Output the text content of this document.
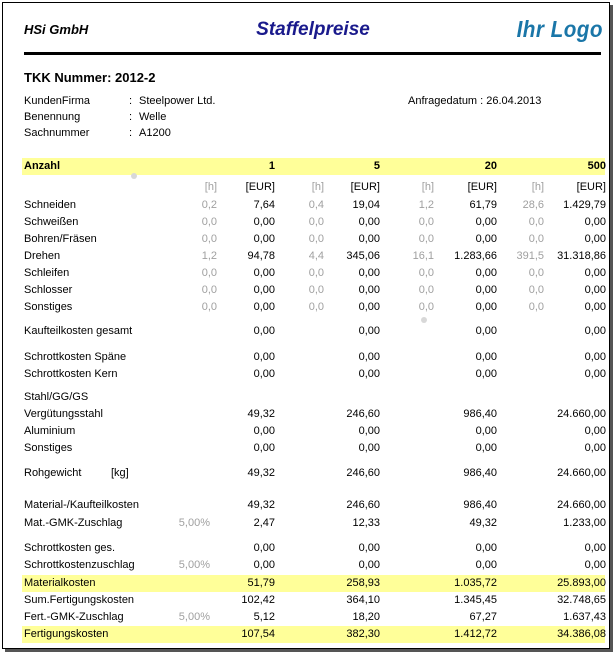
HSi GmbH	Staffelpreise	Ihr Logo
TKK Nummer: 2012-2
KundenFirma	: Steelpower Ltd.
Benennung	: Welle
Sachnummer	: A1200
Anfragedatum : 26.04.2013
Anzahl	1	5	20	500
[h]	[EUR]	[h]	[EUR]	[h]	[EUR]	[h]	[EUR]
Schneiden	0,2	7,64	0,4	19,04	1,2	61,79	28,6	1.429,79
Schweißen	0,0	0,00	0,0	0,00	0,0	0,00	0,0	0,00
Bohren/Fräsen	0,0	0,00	0,0	0,00	0,0	0,00	0,0	0,00
Drehen	1,2	94,78	4,4	345,06	16,1	1.283,66	391,5	31.318,86
Schleifen	0,0	0,00	0,0	0,00	0,0	0,00	0,0	0,00
Schlosser	0,0	0,00	0,0	0,00	0,0	0,00	0,0	0,00
Sonstiges	0,0	0,00	0,0	0,00	0,0	0,00	0,0	0,00
Kaufteilkosten gesamt	0,00	0,00	0,00	0,00
Schrottkosten Späne	0,00	0,00	0,00	0,00
Schrottkosten Kern	0,00	0,00	0,00	0,00
Stahl/GG/GS
Vergütungsstahl	49,32	246,60	986,40	24.660,00
Aluminium	0,00	0,00	0,00	0,00
Sonstiges	0,00	0,00	0,00	0,00
Rohgewicht	[kg]	49,32	246,60	986,40	24.660,00
Material-/Kaufteilkosten	49,32	246,60	986,40	24.660,00
Mat.-GMK-Zuschlag	5,00%	2,47	12,33	49,32	1.233,00
Schrottkosten ges.	0,00	0,00	0,00	0,00
Schrottkostenzuschlag	5,00%	0,00	0,00	0,00	0,00
Materialkosten	51,79	258,93	1.035,72	25.893,00
Sum.Fertigungskosten	102,42	364,10	1.345,45	32.748,65
Fert.-GMK-Zuschlag	5,00%	5,12	18,20	67,27	1.637,43
Fertigungskosten	107,54	382,30	1.412,72	34.386,08
